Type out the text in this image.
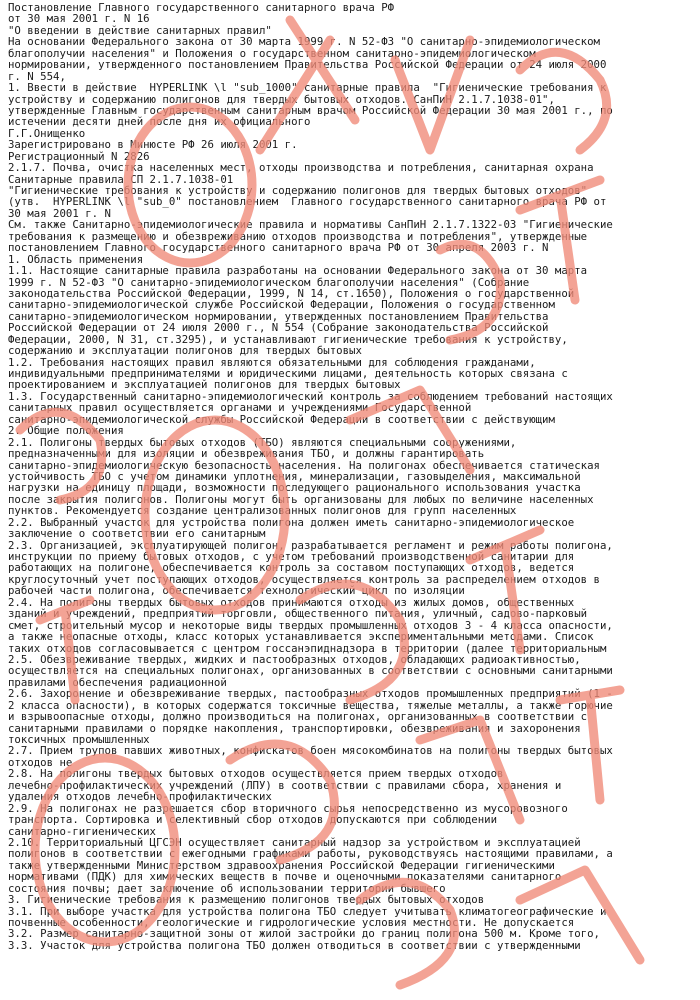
Постановление Главного государственного санитарного врача РФ
от 30 мая 2001 г. N 16
"О введении в действие санитарных правил"
На основании Федерального закона от 30 марта 1999 г. N 52-ФЗ "О санитарно-эпидемиологическом
благополучии населения" и Положения о государственном санитарно-эпидемиологическом
нормировании, утвержденного постановлением Правительства Российской Федерации от 24 июля 2000
г. N 554,
1. Ввести в действие  HYPERLINK \l "sub_1000" санитарные правила  "Гигиенические требования к
устройству и содержанию полигонов для твердых бытовых отходов. СанПиН 2.1.7.1038-01",
утвержденные Главным государственным санитарным врачом Российской Федерации 30 мая 2001 г., по
истечении десяти дней после дня их официального
Г.Г.Онищенко
Зарегистрировано в Минюсте РФ 26 июля 2001 г.
Регистрационный N 2826
2.1.7. Почва, очистка населенных мест, отходы производства и потребления, санитарная охрана
Санитарные правила СП 2.1.7.1038-01
"Гигиенические требования к устройству и содержанию полигонов для твердых бытовых отходов"
(утв.  HYPERLINK \l "sub_0" постановлением  Главного государственного санитарного врача РФ от
30 мая 2001 г. N
См. также Санитарно-эпидемиологические правила и нормативы СанПиН 2.1.7.1322-03 "Гигиенические
требования к размещению и обезвреживанию отходов производства и потребления", утвержденные
постановлением Главного государственного санитарного врача РФ от 30 апреля 2003 г. N
1. Область применения
1.1. Настоящие санитарные правила разработаны на основании Федерального закона от 30 марта
1999 г. N 52-ФЗ "О санитарно-эпидемиологическом благополучии населения" (Собрание
законодательства Российской Федерации, 1999, N 14, ст.1650), Положения о государственной
санитарно-эпидемиологической службе Российской Федерации, Положения о государственном
санитарно-эпидемиологическом нормировании, утвержденных постановлением Правительства
Российской Федерации от 24 июля 2000 г., N 554 (Собрание законодательства Российской
Федерации, 2000, N 31, ст.3295), и устанавливают гигиенические требования к устройству,
содержанию и эксплуатации полигонов для твердых бытовых
1.2. Требования настоящих правил являются обязательными для соблюдения гражданами,
индивидуальными предпринимателями и юридическими лицами, деятельность которых связана с
проектированием и эксплуатацией полигонов для твердых бытовых
1.3. Государственный санитарно-эпидемиологический контроль за соблюдением требований настоящих
санитарных правил осуществляется органами и учреждениями Государственной
санитарно-эпидемиологической службы Российской Федерации в соответствии с действующим
2. Общие положения
2.1. Полигоны твердых бытовых отходов (ТБО) являются специальными сооружениями,
предназначенными для изоляции и обезвреживания ТБО, и должны гарантировать
санитарно-эпидемиологическую безопасность населения. На полигонах обеспечивается статическая
устойчивость ТБО с учетом динамики уплотнения, минерализации, газовыделения, максимальной
нагрузки на единицу площади, возможности последующего рационального использования участка
после закрытия полигонов. Полигоны могут быть организованы для любых по величине населенных
пунктов. Рекомендуется создание централизованных полигонов для групп населенных
2.2. Выбранный участок для устройства полигона должен иметь санитарно-эпидемиологическое
заключение о соответствии его санитарным
2.3. Организацией, эксплуатирующей полигон, разрабатывается регламент и режим работы полигона,
инструкции по приему бытовых отходов, с учетом требований производственной санитарии для
работающих на полигоне, обеспечивается контроль за составом поступающих отходов, ведется
круглосуточный учет поступающих отходов, осуществляется контроль за распределением отходов в
рабочей части полигона, обеспечивается технологический цикл по изоляции
2.4. На полигоны твердых бытовых отходов принимаются отходы из жилых домов, общественных
зданий и учреждений, предприятий торговли, общественного питания, уличный, садово-парковый
смет, строительный мусор и некоторые виды твердых промышленных отходов 3 - 4 класса опасности,
а также неопасные отходы, класс которых устанавливается экспериментальными методами. Список
таких отходов согласовывается с центром госсанэпиднадзора в территории (далее территориальным
2.5. Обезвреживание твердых, жидких и пастообразных отходов, обладающих радиоактивностью,
осуществляется на специальных полигонах, организованных в соответствии с основными санитарными
правилами обеспечения радиационной
2.6. Захоронение и обезвреживание твердых, пастообразных отходов промышленных предприятий (1 -
2 класса опасности), в которых содержатся токсичные вещества, тяжелые металлы, а также горючие
и взрывоопасные отходы, должно производиться на полигонах, организованных в соответствии с
санитарными правилами о порядке накопления, транспортировки, обезвреживания и захоронения
токсичных промышленных
2.7. Прием трупов павших животных, конфискатов боен мясокомбинатов на полигоны твердых бытовых
отходов не
2.8. На полигоны твердых бытовых отходов осуществляется прием твердых отходов
лечебно-профилактических учреждений (ЛПУ) в соответствии с правилами сбора, хранения и
удаления отходов лечебно-профилактических
2.9. На полигонах не разрешается сбор вторичного сырья непосредственно из мусоровозного
транспорта. Сортировка и селективный сбор отходов допускаются при соблюдении
санитарно-гигиенических
2.10. Территориальный ЦГСЭН осуществляет санитарный надзор за устройством и эксплуатацией
полигонов в соответствии с ежегодными графиками работы, руководствуясь настоящими правилами, а
также утвержденными Министерством здравоохранения Российской Федерации гигиеническими
нормативами (ПДК) для химических веществ в почве и оценочными показателями санитарного
состояния почвы; дает заключение об использовании территории бывшего
3. Гигиенические требования к размещению полигонов твердых бытовых отходов
3.1. При выборе участка для устройства полигона ТБО следует учитывать климатогеографические и
почвенные особенности, геологические и гидрологические условия местности. Не допускается
3.2. Размер санитарно-защитной зоны от жилой застройки до границ полигона 500 м. Кроме того,
3.3. Участок для устройства полигона ТБО должен отводиться в соответствии с утвержденными
